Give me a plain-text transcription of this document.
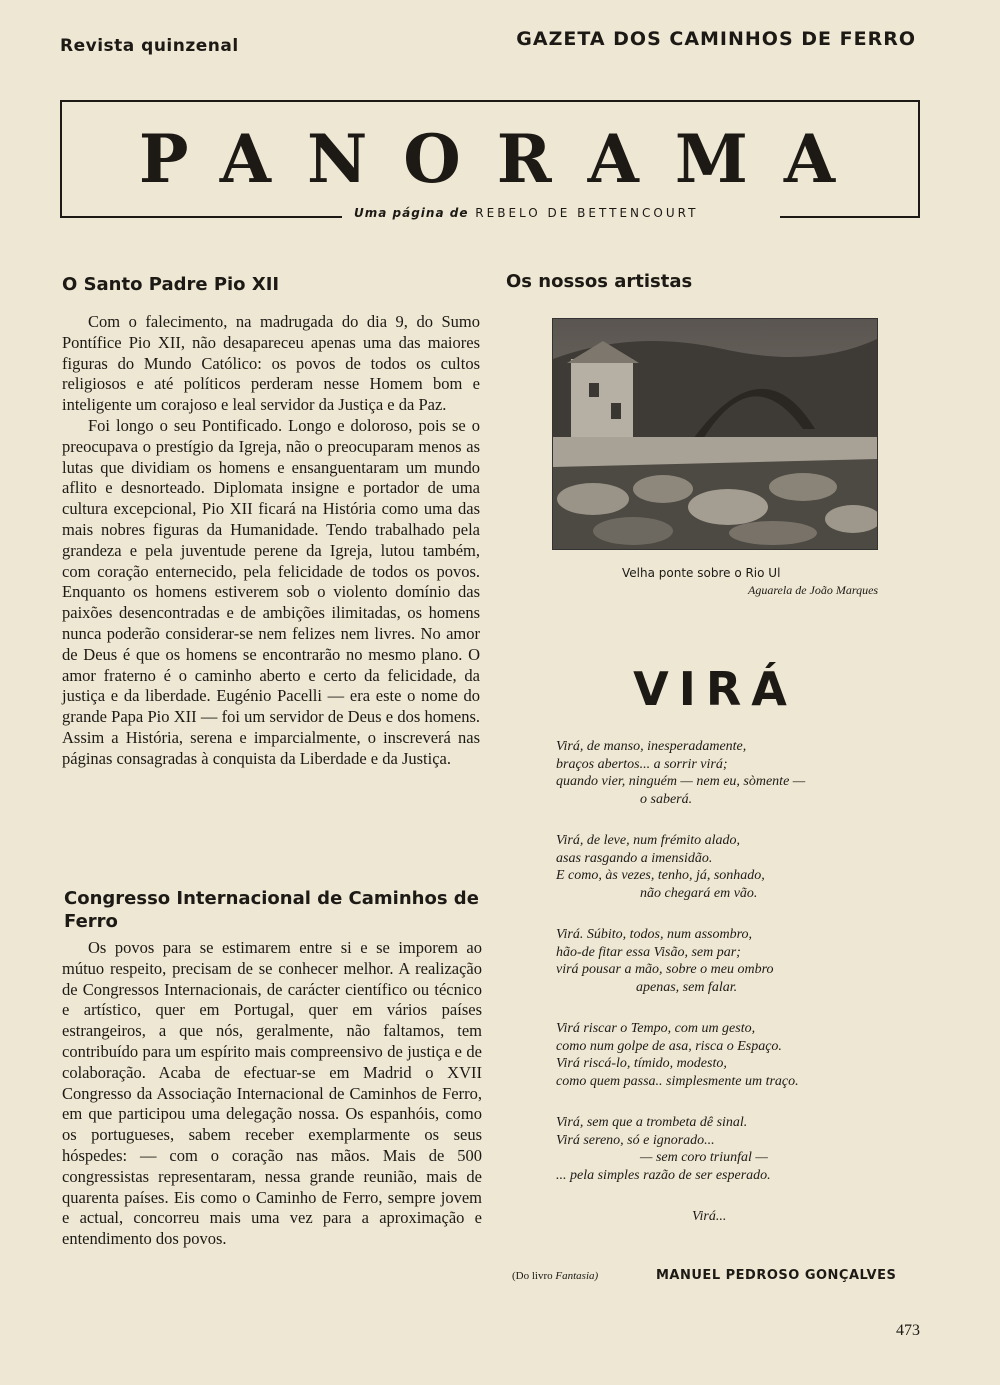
Revista quinzenal	GAZETA DOS CAMINHOS DE FERRO
PANORAMA
Uma página de REBELO DE BETTENCOURT
O Santo Padre Pio XII

Com o falecimento, na madrugada do dia 9, do Sumo Pontífice Pio XII, não desapareceu apenas uma das maiores figuras do Mundo Católico: os povos de todos os cultos religiosos e até políticos perderam nesse Homem bom e inteligente um corajoso e leal servidor da Justiça e da Paz.

Foi longo o seu Pontificado. Longo e doloroso, pois se o preocupava o prestígio da Igreja, não o preocuparam menos as lutas que dividiam os homens e ensanguentaram um mundo aflito e desnorteado. Diplomata insigne e portador de uma cultura excepcional, Pio XII ficará na História como uma das mais nobres figuras da Humanidade. Tendo trabalhado pela grandeza e pela juventude perene da Igreja, lutou também, com coração enternecido, pela felicidade de todos os povos. Enquanto os homens estiverem sob o violento domínio das paixões desencontradas e de ambições ilimitadas, os homens nunca poderão considerar-se nem felizes nem livres. No amor de Deus é que os homens se encontrarão no mesmo plano. O amor fraterno é o caminho aberto e certo da felicidade, da justiça e da liberdade. Eugénio Pacelli — era este o nome do grande Papa Pio XII — foi um servidor de Deus e dos homens. Assim a História, serena e imparcialmente, o inscreverá nas páginas consagradas à conquista da Liberdade e da Justiça.

Congresso Internacional de Caminhos de Ferro

Os povos para se estimarem entre si e se imporem ao mútuo respeito, precisam de se conhecer melhor. A realização de Congressos Internacionais, de carácter científico ou técnico e artístico, quer em Portugal, quer em vários países estrangeiros, a que nós, geralmente, não faltamos, tem contribuído para um espírito mais compreensivo de justiça e de colaboração. Acaba de efectuar-se em Madrid o XVII Congresso da Associação Internacional de Caminhos de Ferro, em que participou uma delegação nossa. Os espanhóis, como os portugueses, sabem receber exemplarmente os seus hóspedes: — com o coração nas mãos. Mais de 500 congressistas representaram, nessa grande reunião, mais de quarenta países. Eis como o Caminho de Ferro, sempre jovem e actual, concorreu mais uma vez para a aproximação e entendimento dos povos.

Os nossos artistas
Velha ponte sobre o Rio Ul
Aguarela de João Marques
VIRÁ
Virá, de manso, inesperadamente,
braços abertos... a sorrir virá;
quando vier, ninguém — nem eu, sòmente —
o saberá.
Virá, de leve, num frémito alado,
asas rasgando a imensidão.
E como, às vezes, tenho, já, sonhado,
não chegará em vão.
Virá. Súbito, todos, num assombro,
hão-de fitar essa Visão, sem par;
virá pousar a mão, sobre o meu ombro
apenas, sem falar.
Virá riscar o Tempo, com um gesto,
como num golpe de asa, risca o Espaço.
Virá riscá-lo, tímido, modesto,
como quem passa.. simplesmente um traço.
Virá, sem que a trombeta dê sinal.
Virá sereno, só e ignorado...
— sem coro triunfal —
... pela simples razão de ser esperado.
Virá...
(Do livro Fantasia)	MANUEL PEDROSO GONÇALVES
473
